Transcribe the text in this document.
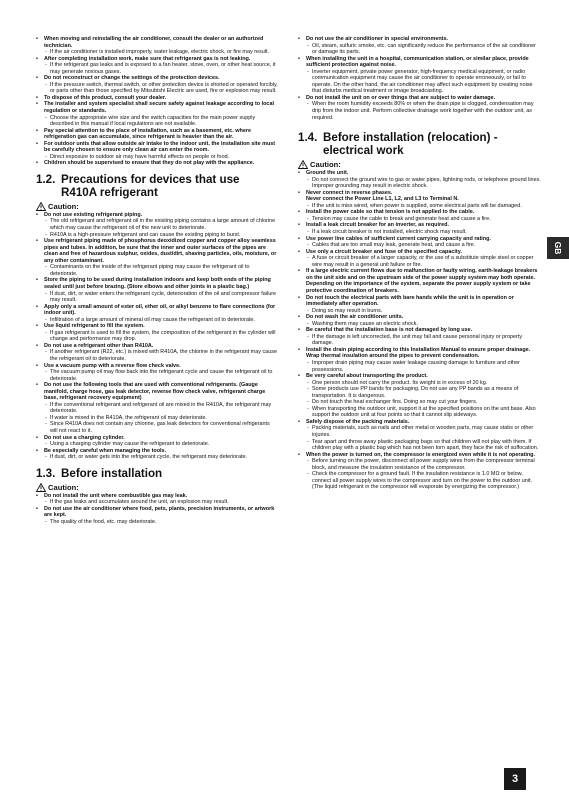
• When moving and reinstalling the air conditioner, consult the dealer or an authorized technician.
- If the air conditioner is installed improperly, water leakage, electric shock, or fire may result.
• After completing installation work, make sure that refrigerant gas is not leaking.
- If the refrigerant gas leaks and is exposed to a fan heater, stove, oven, or other heat source, it may generate noxious gases.
• Do not reconstruct or change the settings of the protection devices.
- If the pressure switch, thermal switch, or other protection device is shorted or operated forcibly, or parts other than those specified by Mitsubishi Electric are used, fire or explosion may result.
• To dispose of this product, consult your dealer.
• The installer and system specialist shall secure safety against leakage according to local regulation or standards.
- Choose the appropriate wire size and the switch capacities for the main power supply described in this manual if local regulations are not available.
• Pay special attention to the place of installation, such as a basement, etc. where refrigeration gas can accumulate, since refrigerant is heavier than the air.
• For outdoor units that allow outside air intake to the indoor unit, the installation site must be carefully chosen to ensure only clean air can enter the room.
- Direct exposure to outdoor air may have harmful effects on people or food.
• Children should be supervised to ensure that they do not play with the appliance.
1.2. Precautions for devices that use R410A refrigerant
Caution:
• Do not use existing refrigerant piping.
- The old refrigerant and refrigerant oil in the existing piping contains a large amount of chlorine which may cause the refrigerant oil of the new unit to deteriorate.
- R410A is a high-pressure refrigerant and can cause the existing piping to burst.
• Use refrigerant piping made of phosphorus deoxidized copper and copper alloy seamless pipes and tubes. In addition, be sure that the inner and outer surfaces of the pipes are clean and free of hazardous sulphur, oxides, dust/dirt, shaving particles, oils, moisture, or any other contaminant.
- Contaminants on the inside of the refrigerant piping may cause the refrigerant oil to deteriorate.
• Store the piping to be used during installation indoors and keep both ends of the piping sealed until just before brazing. (Store elbows and other joints in a plastic bag.)
- If dust, dirt, or water enters the refrigerant cycle, deterioration of the oil and compressor failure may result.
• Apply only a small amount of ester oil, ether oil, or alkyl benzene to flare connections (for indoor unit).
- Infiltration of a large amount of mineral oil may cause the refrigerant oil to deteriorate.
• Use liquid refrigerant to fill the system.
- If gas refrigerant is used to fill the system, the composition of the refrigerant in the cylinder will change and performance may drop.
• Do not use a refrigerant other than R410A.
- If another refrigerant (R22, etc.) is mixed with R410A, the chlorine in the refrigerant may cause the refrigerant oil to deteriorate.
• Use a vacuum pump with a reverse flow check valve.
- The vacuum pump oil may flow back into the refrigerant cycle and cause the refrigerant oil to deteriorate.
• Do not use the following tools that are used with conventional refrigerants. (Gauge manifold, charge hose, gas leak detector, reverse flow check valve, refrigerant charge base, refrigerant recovery equipment)
- If the conventional refrigerant and refrigerant oil are mixed in the R410A, the refrigerant may deteriorate.
- If water is mixed in the R410A, the refrigerant oil may deteriorate.
- Since R410A does not contain any chlorine, gas leak detectors for conventional refrigerants will not react to it.
• Do not use a charging cylinder.
- Using a charging cylinder may cause the refrigerant to deteriorate.
• Be especially careful when managing the tools.
- If dust, dirt, or water gets into the refrigerant cycle, the refrigerant may deteriorate.
1.3. Before installation
Caution:
• Do not install the unit where combustible gas may leak.
- If the gas leaks and accumulates around the unit, an explosion may result.
• Do not use the air conditioner where food, pets, plants, precision instruments, or artwork are kept.
- The quality of the food, etc. may deteriorate.
• Do not use the air conditioner in special environments.
- Oil, steam, sulfuric smoke, etc. can significantly reduce the performance of the air conditioner or damage its parts.
• When installing the unit in a hospital, communication station, or similar place, provide sufficient protection against noise.
- Inverter equipment, private power generator, high-frequency medical equipment, or radio communication equipment may cause the air conditioner to operate erroneously, or fail to operate. On the other hand, the air conditioner may affect such equipment by creating noise that disturbs medical treatment or image broadcasting.
• Do not install the unit on or over things that are subject to water damage.
- When the room humidity exceeds 80% or when the drain pipe is clogged, condensation may drip from the indoor unit. Perform collective drainage work together with the outdoor unit, as required.
1.4. Before installation (relocation) - electrical work
Caution:
• Ground the unit.
- Do not connect the ground wire to gas or water pipes, lightning rods, or telephone ground lines. Improper grounding may result in electric shock.
• Never connect in reverse phases.
Never connect the Power Line L1, L2, and L3 to Terminal N.
- If the unit is miss wired, when power is supplied, some electrical parts will be damaged.
• Install the power cable so that tension is not applied to the cable.
- Tension may cause the cable to break and generate heat and cause a fire.
• Install a leak circuit breaker for an inverter, as required.
- If a leak circuit breaker is not installed, electric shock may result.
• Use power line cables of sufficient current carrying capacity and rating.
- Cables that are too small may leak, generate heat, and cause a fire.
• Use only a circuit breaker and fuse of the specified capacity.
- A fuse or circuit breaker of a larger capacity, or the use of a substitute simple steel or copper wire may result in a general unit failure or fire.
• If a large electric current flows due to malfunction or faulty wiring, earth-leakage breakers on the unit side and on the upstream side of the power supply system may both operate.
Depending on the importance of the system, separate the power supply system or take protective coordination of breakers.
• Do not touch the electrical parts with bare hands while the unit is in operation or immediately after operation.
- Doing so may result in burns.
• Do not wash the air conditioner units.
- Washing them may cause an electric shock.
• Be careful that the installation base is not damaged by long use.
- If the damage is left uncorrected, the unit may fall and cause personal injury or property damage.
• Install the drain piping according to this Installation Manual to ensure proper drainage. Wrap thermal insulation around the pipes to prevent condensation.
- Improper drain piping may cause water leakage causing damage to furniture and other possessions.
• Be very careful about transporting the product.
- One person should not carry the product. Its weight is in excess of 20 kg.
- Some products use PP bands for packaging. Do not use any PP bands as a means of transportation. It is dangerous.
- Do not touch the heat exchanger fins. Doing so may cut your fingers.
- When transporting the outdoor unit, support it at the specified positions on the unit base. Also support the outdoor unit at four points so that it cannot slip sideways.
• Safely dispose of the packing materials.
- Packing materials, such as nails and other metal or wooden parts, may cause stabs or other injuries.
- Tear apart and throw away plastic packaging bags so that children will not play with them. If children play with a plastic bag which has not been torn apart, they face the risk of suffocation.
• When the power is turned on, the compressor is energized even while it is not operating.
- Before turning on the power, disconnect all power supply wires from the compressor terminal block, and measure the insulation resistance of the compressor.
- Check the compressor for a ground fault. If the insulation resistance is 1.0 MΩ or below, connect all power supply wires to the compressor and turn on the power to the outdoor unit. (The liquid refrigerant in the compressor will evaporate by energizing the compressor.)
GB
3
